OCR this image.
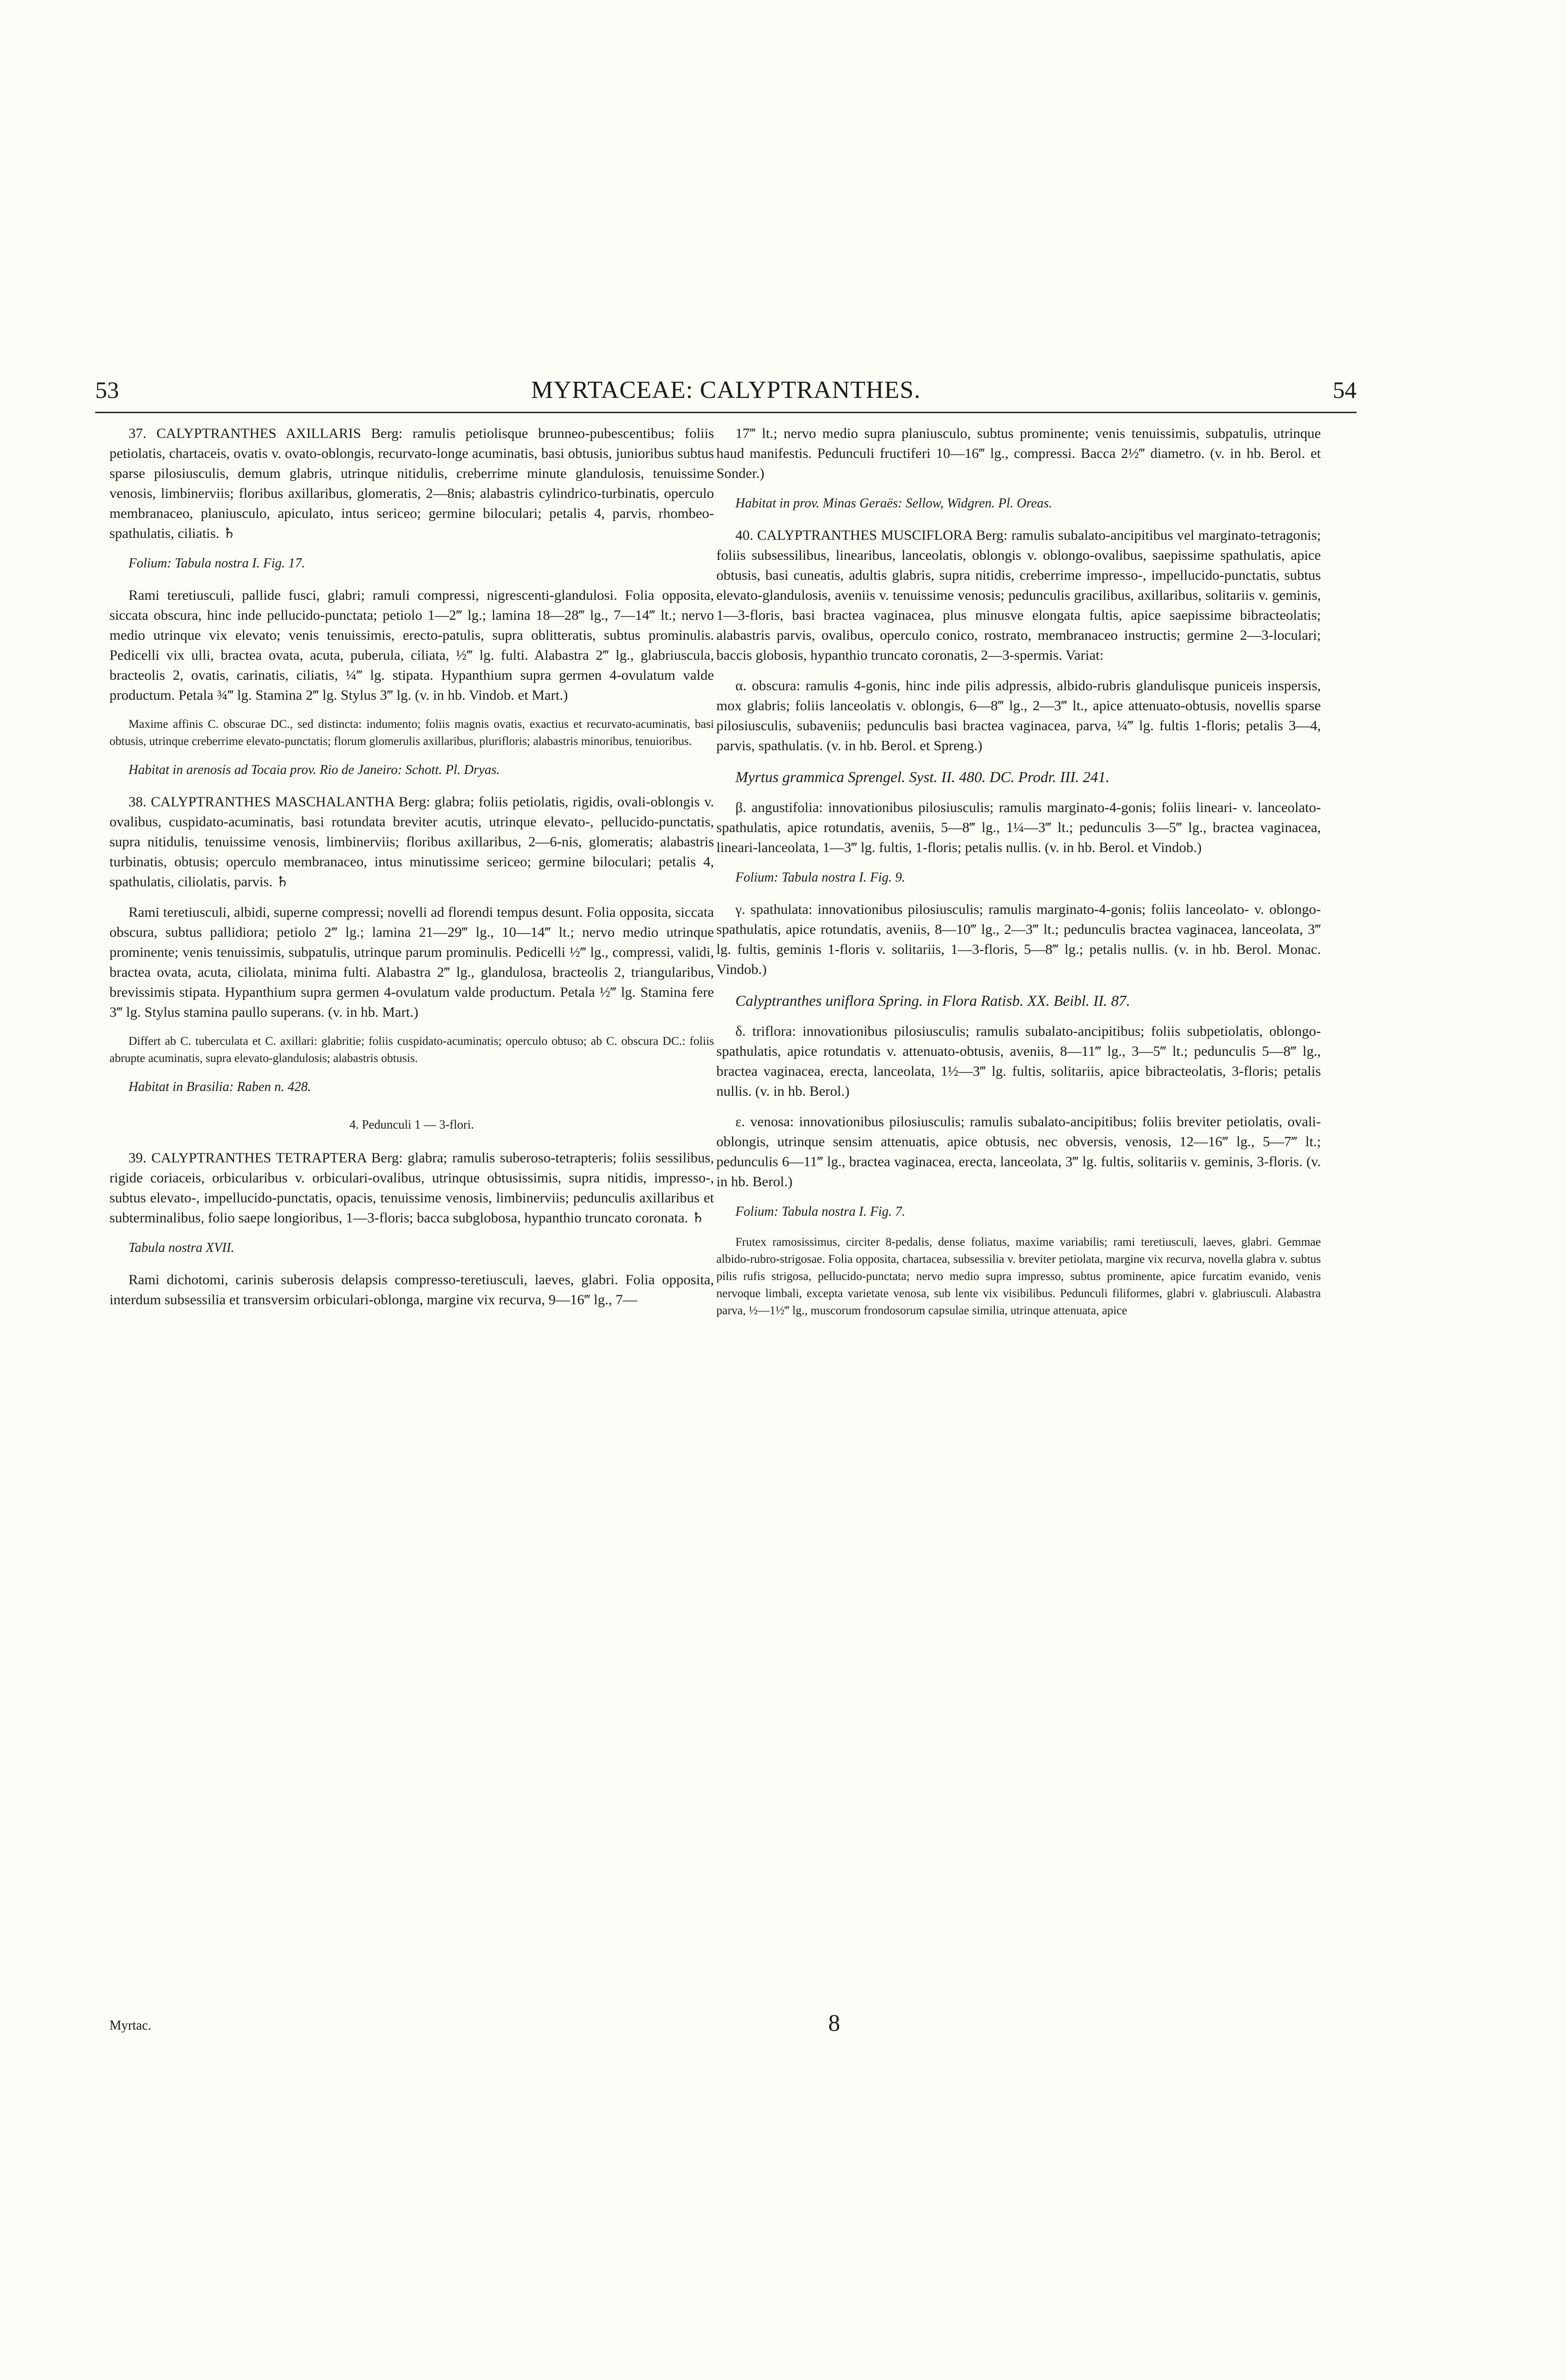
53	MYRTACEAE: CALYPTRANTHES.	54

37. CALYPTRANTHES AXILLARIS Berg: ramulis petiolisque brunneo-pubescentibus; foliis petiolatis, chartaceis, ovatis v. ovato-oblongis, recurvato-longe acuminatis, basi obtusis, junioribus subtus sparse pilosiusculis, demum glabris, utrinque nitidulis, creberrime minute glandulosis, tenuissime venosis, limbinerviis; floribus axillaribus, glomeratis, 2—8nis; alabastris cylindrico-turbinatis, operculo membranaceo, planiusculo, apiculato, intus sericeo; germine biloculari; petalis 4, parvis, rhombeo-spathulatis, ciliatis. ♄

Folium: Tabula nostra I. Fig. 17.

Rami teretiusculi, pallide fusci, glabri; ramuli compressi, nigrescenti-glandulosi. Folia opposita, siccata obscura, hinc inde pellucido-punctata; petiolo 1—2‴ lg.; lamina 18—28‴ lg., 7—14‴ lt.; nervo medio utrinque vix elevato; venis tenuissimis, erecto-patulis, supra oblitteratis, subtus prominulis. Pedicelli vix ulli, bractea ovata, acuta, puberula, ciliata, ½‴ lg. fulti. Alabastra 2‴ lg., glabriuscula, bracteolis 2, ovatis, carinatis, ciliatis, ¼‴ lg. stipata. Hypanthium supra germen 4-ovulatum valde productum. Petala ¾‴ lg. Stamina 2‴ lg. Stylus 3‴ lg. (v. in hb. Vindob. et Mart.)

Maxime affinis C. obscurae DC., sed distincta: indumento; foliis magnis ovatis, exactius et recurvato-acuminatis, basi obtusis, utrinque creberrime elevato-punctatis; florum glomerulis axillaribus, plurifloris; alabastris minoribus, tenuioribus.

Habitat in arenosis ad Tocaia prov. Rio de Janeiro: Schott. Pl. Dryas.

38. CALYPTRANTHES MASCHALANTHA Berg: glabra; foliis petiolatis, rigidis, ovali-oblongis v. ovalibus, cuspidato-acuminatis, basi rotundata breviter acutis, utrinque elevato-, pellucido-punctatis, supra nitidulis, tenuissime venosis, limbinerviis; floribus axillaribus, 2—6-nis, glomeratis; alabastris turbinatis, obtusis; operculo membranaceo, intus minutissime sericeo; germine biloculari; petalis 4, spathulatis, ciliolatis, parvis. ♄

Rami teretiusculi, albidi, superne compressi; novelli ad florendi tempus desunt. Folia opposita, siccata obscura, subtus pallidiora; petiolo 2‴ lg.; lamina 21—29‴ lg., 10—14‴ lt.; nervo medio utrinque prominente; venis tenuissimis, subpatulis, utrinque parum prominulis. Pedicelli ½‴ lg., compressi, validi, bractea ovata, acuta, ciliolata, minima fulti. Alabastra 2‴ lg., glandulosa, bracteolis 2, triangularibus, brevissimis stipata. Hypanthium supra germen 4-ovulatum valde productum. Petala ½‴ lg. Stamina fere 3‴ lg. Stylus stamina paullo superans. (v. in hb. Mart.)

Differt ab C. tuberculata et C. axillari: glabritie; foliis cuspidato-acuminatis; operculo obtuso; ab C. obscura DC.: foliis abrupte acuminatis, supra elevato-glandulosis; alabastris obtusis.

Habitat in Brasilia: Raben n. 428.

4. Pedunculi 1 — 3-flori.

39. CALYPTRANTHES TETRAPTERA Berg: glabra; ramulis suberoso-tetrapteris; foliis sessilibus, rigide coriaceis, orbicularibus v. orbiculari-ovalibus, utrinque obtusissimis, supra nitidis, impresso-, subtus elevato-, impellucido-punctatis, opacis, tenuissime venosis, limbinerviis; pedunculis axillaribus et subterminalibus, folio saepe longioribus, 1—3-floris; bacca subglobosa, hypanthio truncato coronata. ♄

Tabula nostra XVII.

Rami dichotomi, carinis suberosis delapsis compresso-teretiusculi, laeves, glabri. Folia opposita, interdum subsessilia et transversim orbiculari-oblonga, margine vix recurva, 9—16‴ lg., 7—

17‴ lt.; nervo medio supra planiusculo, subtus prominente; venis tenuissimis, subpatulis, utrinque haud manifestis. Pedunculi fructiferi 10—16‴ lg., compressi. Bacca 2½‴ diametro. (v. in hb. Berol. et Sonder.)

Habitat in prov. Minas Geraës: Sellow, Widgren. Pl. Oreas.

40. CALYPTRANTHES MUSCIFLORA Berg: ramulis subalato-ancipitibus vel marginato-tetragonis; foliis subsessilibus, linearibus, lanceolatis, oblongis v. oblongo-ovalibus, saepissime spathulatis, apice obtusis, basi cuneatis, adultis glabris, supra nitidis, creberrime impresso-, impellucido-punctatis, subtus elevato-glandulosis, aveniis v. tenuissime venosis; pedunculis gracilibus, axillaribus, solitariis v. geminis, 1—3-floris, basi bractea vaginacea, plus minusve elongata fultis, apice saepissime bibracteolatis; alabastris parvis, ovalibus, operculo conico, rostrato, membranaceo instructis; germine 2—3-loculari; baccis globosis, hypanthio truncato coronatis, 2—3-spermis. Variat:

α. obscura: ramulis 4-gonis, hinc inde pilis adpressis, albido-rubris glandulisque puniceis inspersis, mox glabris; foliis lanceolatis v. oblongis, 6—8‴ lg., 2—3‴ lt., apice attenuato-obtusis, novellis sparse pilosiusculis, subaveniis; pedunculis basi bractea vaginacea, parva, ¼‴ lg. fultis 1-floris; petalis 3—4, parvis, spathulatis. (v. in hb. Berol. et Spreng.)

Myrtus grammica Sprengel. Syst. II. 480. DC. Prodr. III. 241.

β. angustifolia: innovationibus pilosiusculis; ramulis marginato-4-gonis; foliis lineari- v. lanceolato-spathulatis, apice rotundatis, aveniis, 5—8‴ lg., 1¼—3‴ lt.; pedunculis 3—5‴ lg., bractea vaginacea, lineari-lanceolata, 1—3‴ lg. fultis, 1-floris; petalis nullis. (v. in hb. Berol. et Vindob.)

Folium: Tabula nostra I. Fig. 9.

γ. spathulata: innovationibus pilosiusculis; ramulis marginato-4-gonis; foliis lanceolato- v. oblongo-spathulatis, apice rotundatis, aveniis, 8—10‴ lg., 2—3‴ lt.; pedunculis bractea vaginacea, lanceolata, 3‴ lg. fultis, geminis 1-floris v. solitariis, 1—3-floris, 5—8‴ lg.; petalis nullis. (v. in hb. Berol. Monac. Vindob.)

Calyptranthes uniflora Spring. in Flora Ratisb. XX. Beibl. II. 87.

δ. triflora: innovationibus pilosiusculis; ramulis subalato-ancipitibus; foliis subpetiolatis, oblongo-spathulatis, apice rotundatis v. attenuato-obtusis, aveniis, 8—11‴ lg., 3—5‴ lt.; pedunculis 5—8‴ lg., bractea vaginacea, erecta, lanceolata, 1½—3‴ lg. fultis, solitariis, apice bibracteolatis, 3-floris; petalis nullis. (v. in hb. Berol.)

ε. venosa: innovationibus pilosiusculis; ramulis subalato-ancipitibus; foliis breviter petiolatis, ovali-oblongis, utrinque sensim attenuatis, apice obtusis, nec obversis, venosis, 12—16‴ lg., 5—7‴ lt.; pedunculis 6—11‴ lg., bractea vaginacea, erecta, lanceolata, 3‴ lg. fultis, solitariis v. geminis, 3-floris. (v. in hb. Berol.)

Folium: Tabula nostra I. Fig. 7.

Frutex ramosissimus, circiter 8-pedalis, dense foliatus, maxime variabilis; rami teretiusculi, laeves, glabri. Gemmae albido-rubro-strigosae. Folia opposita, chartacea, subsessilia v. breviter petiolata, margine vix recurva, novella glabra v. subtus pilis rufis strigosa, pellucido-punctata; nervo medio supra impresso, subtus prominente, apice furcatim evanido, venis nervoque limbali, excepta varietate venosa, sub lente vix visibilibus. Pedunculi filiformes, glabri v. glabriusculi. Alabastra parva, ½—1½‴ lg., muscorum frondosorum capsulae similia, utrinque attenuata, apice

Myrtac.	8
